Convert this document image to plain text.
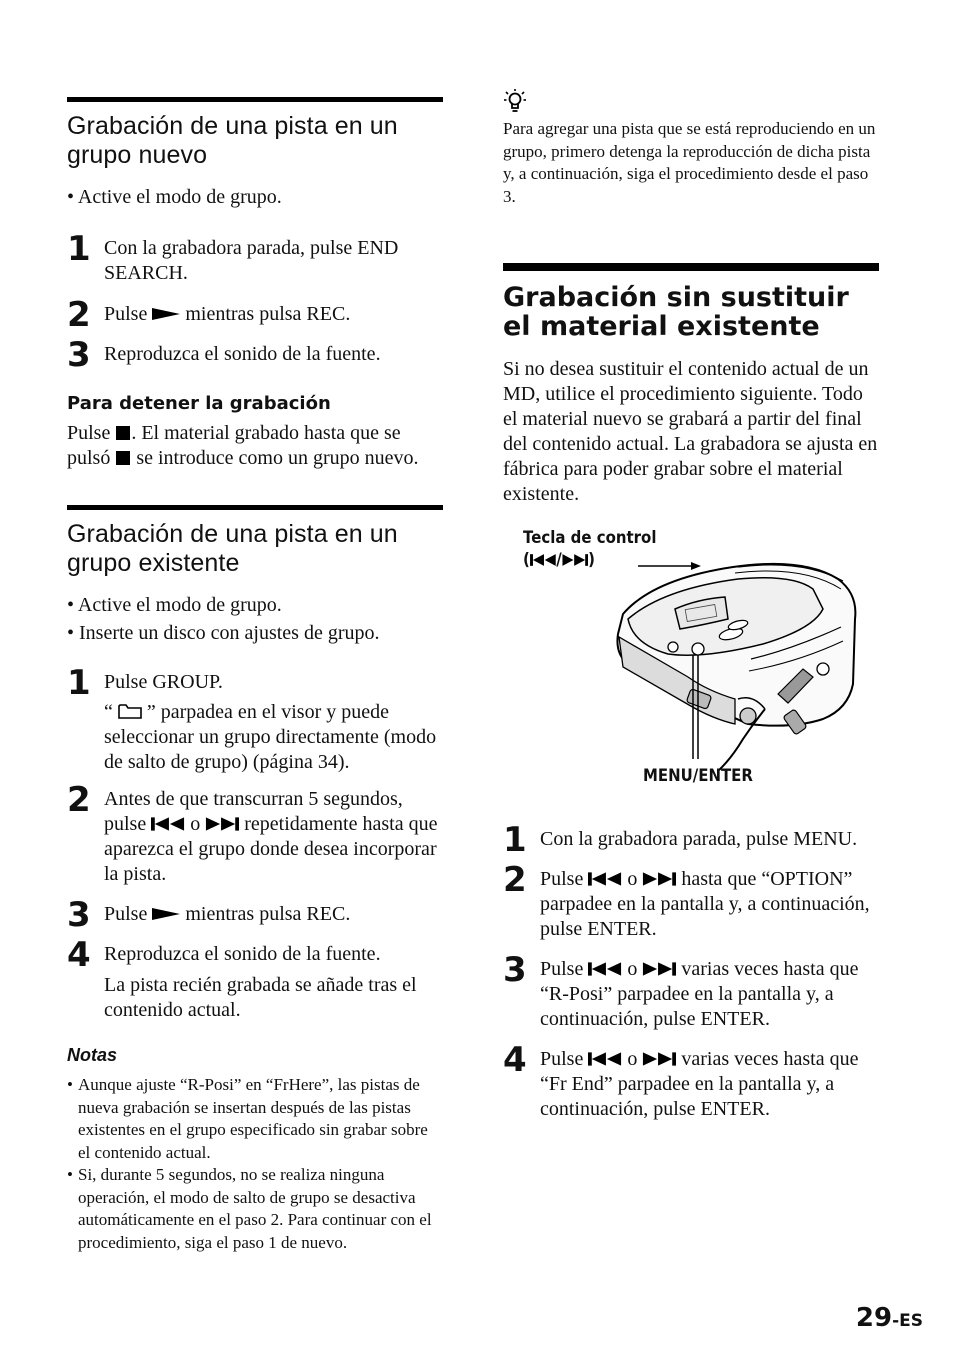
Grabación de una pista en un grupo nuevo
• Active el modo de grupo.
1 Con la grabadora parada, pulse END SEARCH.
2 Pulse  mientras pulsa REC.
3 Reproduzca el sonido de la fuente.
Para detener la grabación

Pulse . El material grabado hasta que se pulsó  se introduce como un grupo nuevo.

Grabación de una pista en un grupo existente
• Active el modo de grupo.
• Inserte un disco con ajustes de grupo.
1 Pulse GROUP.
“ ” parpadea en el visor y puede seleccionar un grupo directamente (modo de salto de grupo) (página 34).
2 Antes de que transcurran 5 segundos, pulse  o  repetidamente hasta que aparezca el grupo donde desea incorporar la pista.
3 Pulse  mientras pulsa REC.
4 Reproduzca el sonido de la fuente.
La pista recién grabada se añade tras el contenido actual.
Notas
• Aunque ajuste “R-Posi” en “FrHere”, las pistas de nueva grabación se insertan después de las pistas existentes en el grupo especificado sin grabar sobre el contenido actual.
• Si, durante 5 segundos, no se realiza ninguna operación, el modo de salto de grupo se desactiva automáticamente en el paso 2. Para continuar con el procedimiento, siga el paso 1 de nuevo.

Para agregar una pista que se está reproduciendo en un grupo, primero detenga la reproducción de dicha pista y, a continuación, siga el procedimiento desde el paso 3.

Grabación sin sustituir el material existente

Si no desea sustituir el contenido actual de un MD, utilice el procedimiento siguiente. Todo el material nuevo se grabará a partir del final del contenido actual. La grabadora se ajusta en fábrica para poder grabar sobre el material existente.

Tecla de control
( / )
MENU/ENTER
1 Con la grabadora parada, pulse MENU.
2 Pulse  o  hasta que “OPTION” parpadee en la pantalla y, a continuación, pulse ENTER.
3 Pulse  o  varias veces hasta que “R-Posi” parpadee en la pantalla y, a continuación, pulse ENTER.
4 Pulse  o  varias veces hasta que “Fr End” parpadee en la pantalla y, a continuación, pulse ENTER.
29-ES
